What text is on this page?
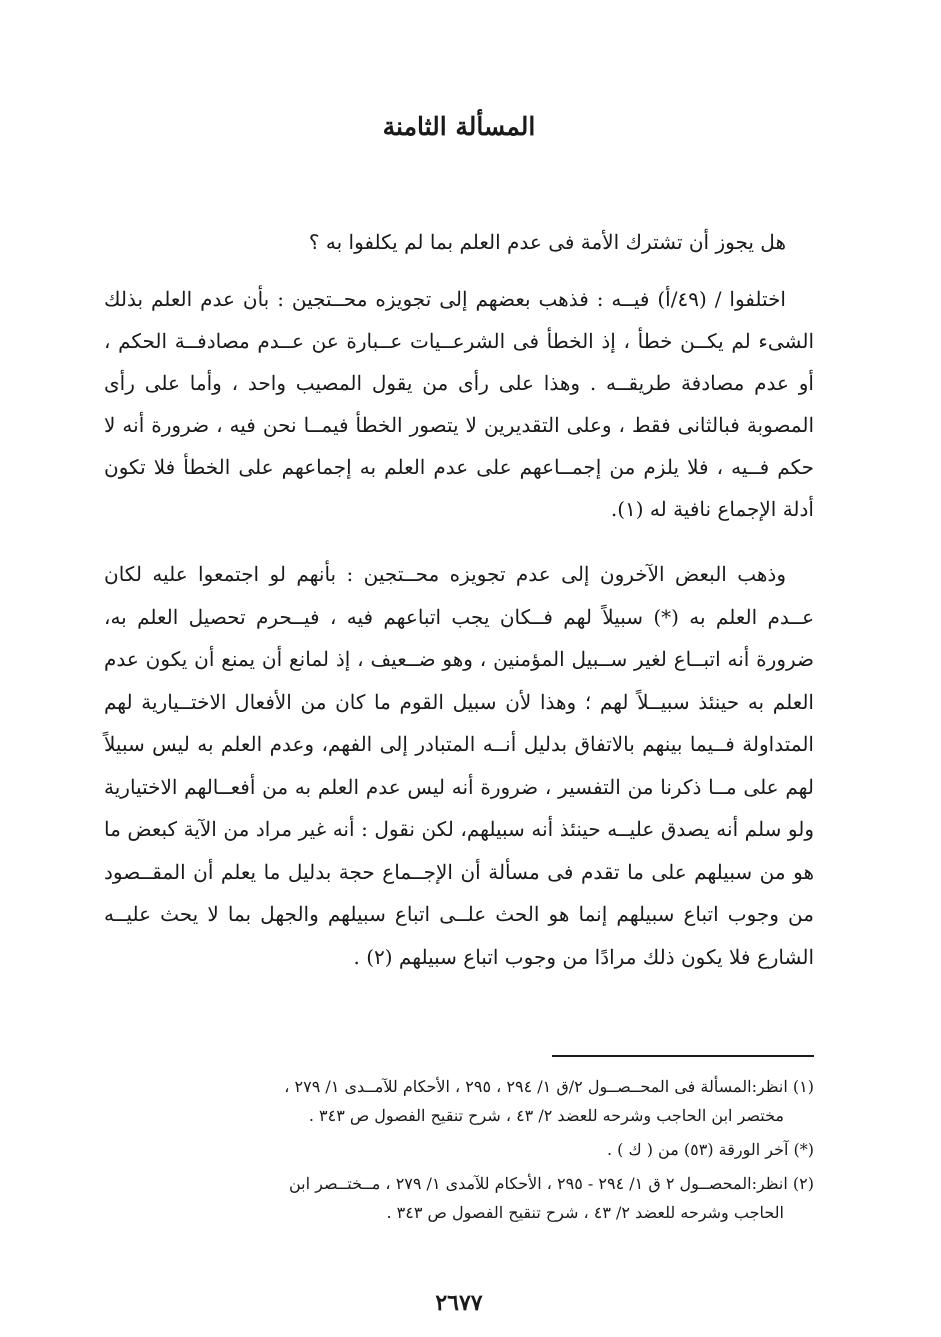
المسألة الثامنة
هل يجوز أن تشترك الأمة فى عدم العلم بما لم يكلفوا به ؟
اختلفوا / (٤٩/أ) فيــه : فذهب بعضهم إلى تجويزه محــتجين : بأن عدم العلم بذلك الشىء لم يكــن خطأ ، إذ الخطأ فى الشرعــيات عــبارة عن عــدم مصادفــة الحكم ، أو عدم مصادفة طريقــه . وهذا على رأى من يقول المصيب واحد ، وأما على رأى المصوبة فبالثانى فقط ، وعلى التقديرين لا يتصور الخطأ فيمــا نحن فيه ، ضرورة أنه لا حكم فــيه ، فلا يلزم من إجمــاعهم على عدم العلم به إجماعهم على الخطأ فلا تكون أدلة الإجماع نافية له (١).
وذهب البعض الآخرون إلى عدم تجويزه محــتجين : بأنهم لو اجتمعوا عليه لكان عــدم العلم به (*) سبيلاً لهم فــكان يجب اتباعهم فيه ، فيــحرم تحصيل العلم به، ضرورة أنه اتبــاع لغير ســبيل المؤمنين ، وهو ضــعيف ، إذ لمانع أن يمنع أن يكون عدم العلم به حينئذ سبيــلاً لهم ؛ وهذا لأن سبيل القوم ما كان من الأفعال الاختــيارية لهم المتداولة فــيما بينهم بالاتفاق بدليل أنــه المتبادر إلى الفهم، وعدم العلم به ليس سبيلاً لهم على مــا ذكرنا من التفسير ، ضرورة أنه ليس عدم العلم به من أفعــالهم الاختيارية ولو سلم أنه يصدق عليــه حينئذ أنه سبيلهم، لكن نقول : أنه غير مراد من الآية كبعض ما هو من سبيلهم على ما تقدم فى مسألة أن الإجــماع حجة بدليل ما يعلم أن المقــصود من وجوب اتباع سبيلهم إنما هو الحث علــى اتباع سبيلهم والجهل بما لا يحث عليــه الشارع فلا يكون ذلك مرادًا من وجوب اتباع سبيلهم (٢) .
(١) انظر:المسألة فى المحــصــول ٢/ق ١/ ٢٩٤ ، ٢٩٥ ، الأحكام للآمــدى ١/ ٢٧٩ ،
مختصر ابن الحاجب وشرحه للعضد ٢/ ٤٣ ، شرح تنقيح الفصول ص ٣٤٣ .
(*) آخر الورقة (٥٣) من ( ك ) .
(٢) انظر:المحصــول ٢ ق ١/ ٢٩٤ - ٢٩٥ ، الأحكام للآمدى ١/ ٢٧٩ ، مــختــصر ابن
الحاجب وشرحه للعضد ٢/ ٤٣ ، شرح تنقيح الفصول ص ٣٤٣ .
٢٦٧٧
